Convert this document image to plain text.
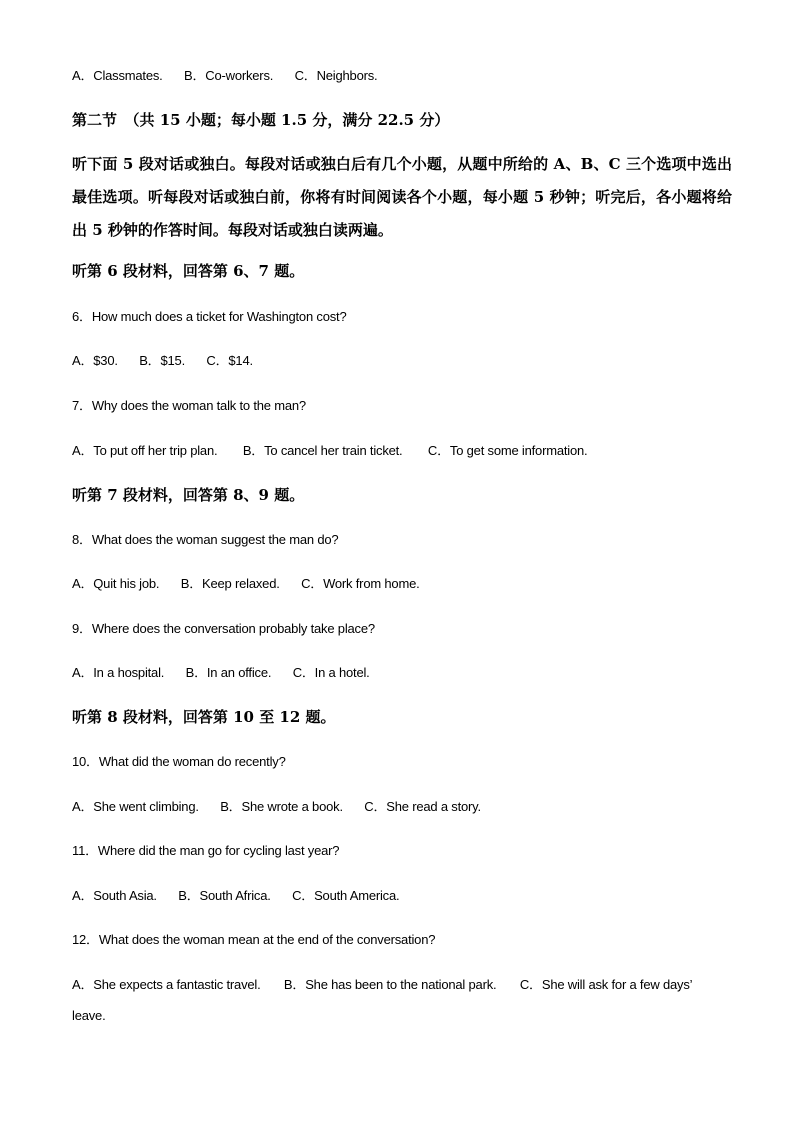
A．Classmates. B．Co-workers. C．Neighbors.
第二节　（共 15 小题；每小题 1.5 分，满分 22.5 分）
听下面 5 段对话或独白。每段对话或独白后有几个小题，从题中所给的 A、B、C 三个选项中选出最佳选项。听每段对话或独白前，你将有时间阅读各个小题，每小题 5 秒钟；听完后，各小题将给出 5 秒钟的作答时间。每段对话或独白读两遍。
听第 6 段材料，回答第 6、7 题。
6．How much does a ticket for Washington cost?
A．$30. B．$15. C．$14.
7．Why does the woman talk to the man?
A．To put off her trip plan. B．To cancel her train ticket. C．To get some information.
听第 7 段材料，回答第 8、9 题。
8．What does the woman suggest the man do?
A．Quit his job. B．Keep relaxed. C．Work from home.
9．Where does the conversation probably take place?
A．In a hospital. B．In an office. C．In a hotel.
听第 8 段材料，回答第 10 至 12 题。
10．What did the woman do recently?
A．She went climbing. B．She wrote a book. C．She read a story.
11．Where did the man go for cycling last year?
A．South Asia. B．South Africa. C．South America.
12．What does the woman mean at the end of the conversation?
A．She expects a fantastic travel. B．She has been to the national park. C．She will ask for a few days’ leave.
